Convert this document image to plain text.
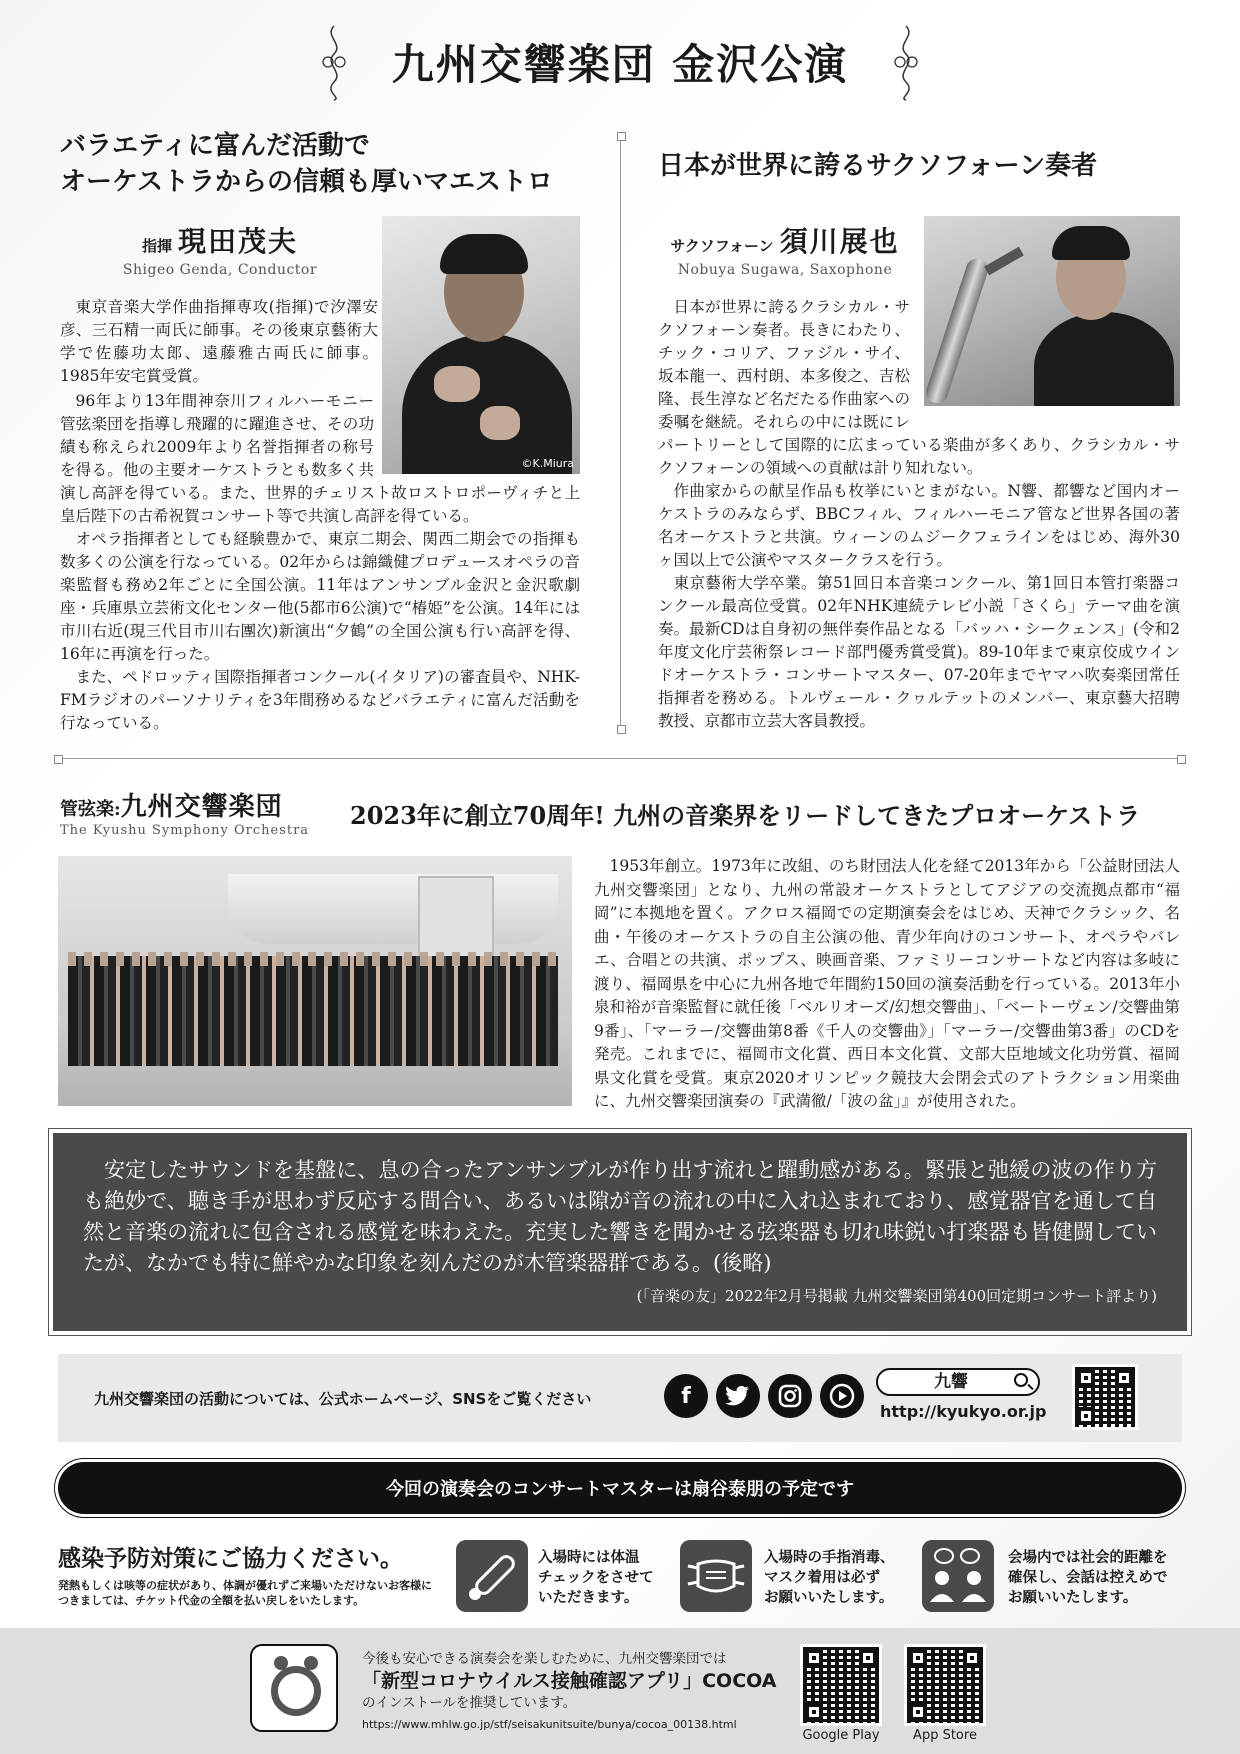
九州交響楽団 金沢公演
バラエティに富んだ活動で
オーケストラからの信頼も厚いマエストロ
指揮 現田茂夫
Shigeo Genda, Conductor
©K.Miura

東京音楽大学作曲指揮専攻(指揮)で汐澤安彦、三石精一両氏に師事。その後東京藝術大学で佐藤功太郎、遠藤雅古両氏に師事。1985年安宅賞受賞。

96年より13年間神奈川フィルハーモニー管弦楽団を指導し飛躍的に躍進させ、その功績も称えられ2009年より名誉指揮者の称号を得る。他の主要オーケストラとも数多く共演し高評を得ている。また、世界的チェリスト故ロストロポーヴィチと上皇后陛下の古希祝賀コンサート等で共演し高評を得ている。

オペラ指揮者としても経験豊かで、東京二期会、関西二期会での指揮も数多くの公演を行なっている。02年からは錦織健プロデュースオペラの音楽監督も務め2年ごとに全国公演。11年はアンサンブル金沢と金沢歌劇座・兵庫県立芸術文化センター他(5都市6公演)で“椿姫”を公演。14年には市川右近(現三代目市川右團次)新演出“夕鶴”の全国公演も行い高評を得、16年に再演を行った。

また、ペドロッティ国際指揮者コンクール(イタリア)の審査員や、NHK-FMラジオのパーソナリティを3年間務めるなどバラエティに富んだ活動を行なっている。

日本が世界に誇るサクソフォーン奏者
サクソフォーン 須川展也
Nobuya Sugawa, Saxophone

日本が世界に誇るクラシカル・サクソフォーン奏者。長きにわたり、チック・コリア、ファジル・サイ、坂本龍一、西村朗、本多俊之、吉松隆、長生淳など名だたる作曲家への委嘱を継続。それらの中には既にレパートリーとして国際的に広まっている楽曲が多くあり、クラシカル・サクソフォーンの領域への貢献は計り知れない。

作曲家からの献呈作品も枚挙にいとまがない。N響、都響など国内オーケストラのみならず、BBCフィル、フィルハーモニア管など世界各国の著名オーケストラと共演。ウィーンのムジークフェラインをはじめ、海外30ヶ国以上で公演やマスタークラスを行う。

東京藝術大学卒業。第51回日本音楽コンクール、第1回日本管打楽器コンクール最高位受賞。02年NHK連続テレビ小説「さくら」テーマ曲を演奏。最新CDは自身初の無伴奏作品となる「バッハ・シークェンス」(令和2年度文化庁芸術祭レコード部門優秀賞受賞)。89-10年まで東京佼成ウインドオーケストラ・コンサートマスター、07-20年までヤマハ吹奏楽団常任指揮者を務める。トルヴェール・クヮルテットのメンバー、東京藝大招聘教授、京都市立芸大客員教授。

管弦楽:九州交響楽団
The Kyushu Symphony Orchestra
2023年に創立70周年! 九州の音楽界をリードしてきたプロオーケストラ
1953年創立。1973年に改組、のち財団法人化を経て2013年から「公益財団法人九州交響楽団」となり、九州の常設オーケストラとしてアジアの交流拠点都市“福岡”に本拠地を置く。アクロス福岡での定期演奏会をはじめ、天神でクラシック、名曲・午後のオーケストラの自主公演の他、青少年向けのコンサート、オペラやバレエ、合唱との共演、ポップス、映画音楽、ファミリーコンサートなど内容は多岐に渡り、福岡県を中心に九州各地で年間約150回の演奏活動を行っている。2013年小泉和裕が音楽監督に就任後「ベルリオーズ/幻想交響曲」、「ベートーヴェン/交響曲第9番」、「マーラー/交響曲第8番《千人の交響曲》」「マーラー/交響曲第3番」のCDを発売。これまでに、福岡市文化賞、西日本文化賞、文部大臣地域文化功労賞、福岡県文化賞を受賞。東京2020オリンピック競技大会閉会式のアトラクション用楽曲に、九州交響楽団演奏の『武満徹/「波の盆」』が使用された。
安定したサウンドを基盤に、息の合ったアンサンブルが作り出す流れと躍動感がある。緊張と弛緩の波の作り方も絶妙で、聴き手が思わず反応する間合い、あるいは隙が音の流れの中に入れ込まれており、感覚器官を通して自然と音楽の流れに包含される感覚を味わえた。充実した響きを聞かせる弦楽器も切れ味鋭い打楽器も皆健闘していたが、なかでも特に鮮やかな印象を刻んだのが木管楽器群である。(後略)
(「音楽の友」2022年2月号掲載 九州交響楽団第400回定期コンサート評より)
九州交響楽団の活動については、公式ホームページ、SNSをご覧ください	f
九響
http://kyukyo.or.jp
今回の演奏会のコンサートマスターは扇谷泰朋の予定です
感染予防対策にご協力ください。
発熱もしくは咳等の症状があり、体調が優れずご来場いただけないお客様につきましては、チケット代金の全額を払い戻しをいたします。
入場時には体温
チェックをさせて
いただきます。
入場時の手指消毒、
マスク着用は必ず
お願いいたします。
会場内では社会的距離を
確保し、会話は控えめで
お願いいたします。
今後も安心できる演奏会を楽しむために、九州交響楽団では
「新型コロナウイルス接触確認アプリ」COCOA
のインストールを推奨しています。
https://www.mhlw.go.jp/stf/seisakunitsuite/bunya/cocoa_00138.html
Google Play	App Store
